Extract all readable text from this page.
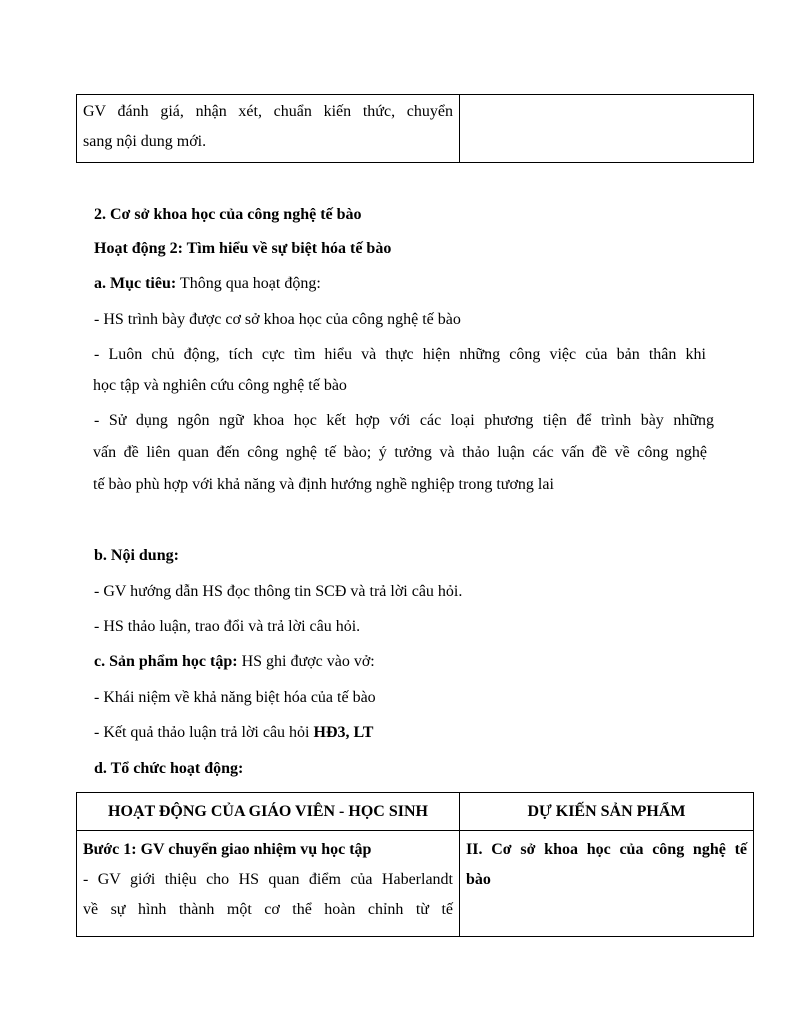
GV đánh giá, nhận xét, chuẩn kiến thức, chuyển
sang nội dung mới.	
2. Cơ sở khoa học của công nghệ tế bào
Hoạt động 2: Tìm hiểu về sự biệt hóa tế bào
a. Mục tiêu: Thông qua hoạt động:
- HS trình bày được cơ sở khoa học của công nghệ tế bào
- Luôn chủ động, tích cực tìm hiểu và thực hiện những công việc của bản thân khi
học tập và nghiên cứu công nghệ tế bào
- Sử dụng ngôn ngữ khoa học kết hợp với các loại phương tiện để trình bày những
vấn đề liên quan đến công nghệ tế bào; ý tưởng và thảo luận các vấn đề về công nghệ
tế bào phù hợp với khả năng và định hướng nghề nghiệp trong tương lai
b. Nội dung:
- GV hướng dẫn HS đọc thông tin SCĐ và trả lời câu hỏi.
- HS thảo luận, trao đổi và trả lời câu hỏi.
c. Sản phẩm học tập: HS ghi được vào vở:
- Khái niệm về khả năng biệt hóa của tế bào
- Kết quả thảo luận trả lời câu hỏi HĐ3, LT
d. Tổ chức hoạt động:
HOẠT ĐỘNG CỦA GIÁO VIÊN - HỌC SINH	DỰ KIẾN SẢN PHẨM

Bước 1: GV chuyển giao nhiệm vụ học tập
- GV giới thiệu cho HS quan điểm của Haberlandt
về sự hình thành một cơ thể hoàn chỉnh từ tế	II. Cơ sở khoa học của công nghệ tế
bào
